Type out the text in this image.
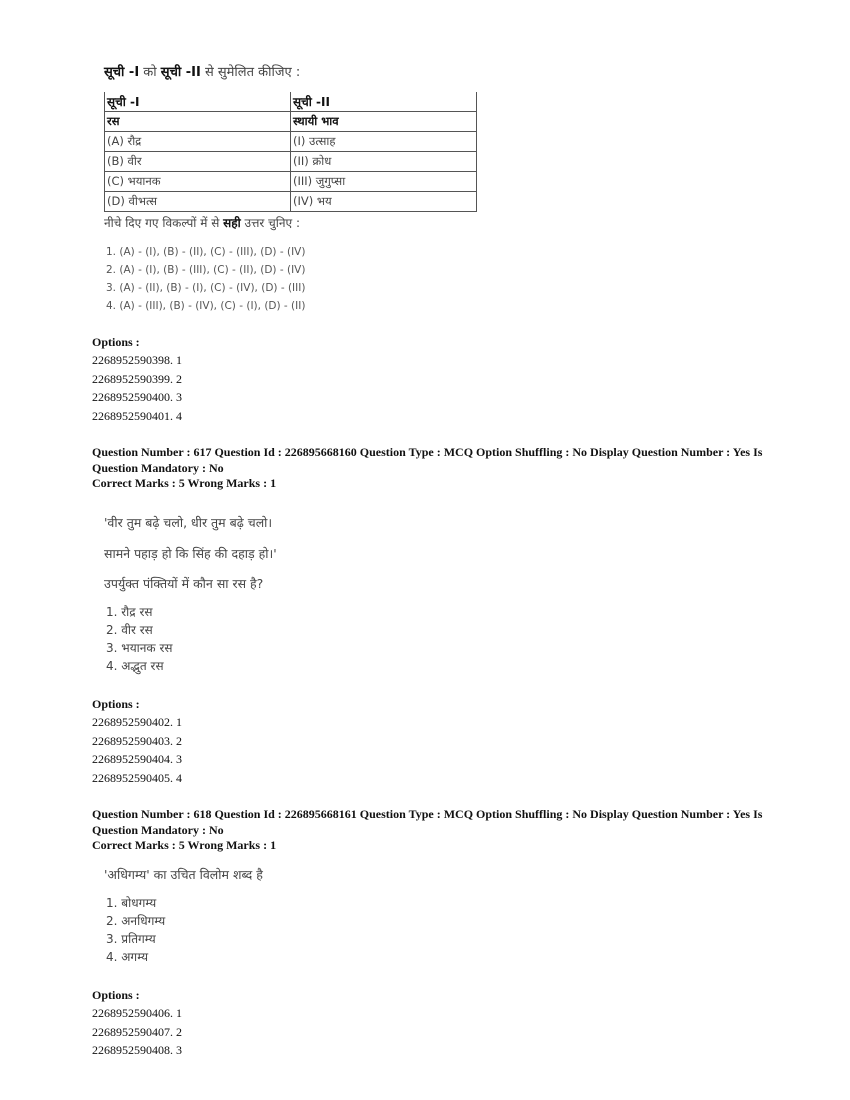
सूची -I को सूची -II से सुमेलित कीजिए :
सूची -I	सूची -II
रस	स्थायी भाव
(A) रौद्र	(I) उत्साह
(B) वीर	(II) क्रोध
(C) भयानक	(III) जुगुप्सा
(D) वीभत्स	(IV) भय
नीचे दिए गए विकल्पों में से सही उत्तर चुनिए :
1. (A) - (I), (B) - (II), (C) - (III), (D) - (IV)
2. (A) - (I), (B) - (III), (C) - (II), (D) - (IV)
3. (A) - (II), (B) - (I), (C) - (IV), (D) - (III)
4. (A) - (III), (B) - (IV), (C) - (I), (D) - (II)
Options :
2268952590398. 1
2268952590399. 2
2268952590400. 3
2268952590401. 4
Question Number : 617 Question Id : 226895668160 Question Type : MCQ Option Shuffling : No Display Question Number : Yes Is
Question Mandatory : No
Correct Marks : 5 Wrong Marks : 1
'वीर तुम बढ़े चलो, धीर तुम बढ़े चलो।
सामने पहाड़ हो कि सिंह की दहाड़ हो।'
उपर्युक्त पंक्तियों में कौन सा रस है?
1. रौद्र रस
2. वीर रस
3. भयानक रस
4. अद्भुत रस
Options :
2268952590402. 1
2268952590403. 2
2268952590404. 3
2268952590405. 4
Question Number : 618 Question Id : 226895668161 Question Type : MCQ Option Shuffling : No Display Question Number : Yes Is
Question Mandatory : No
Correct Marks : 5 Wrong Marks : 1
'अधिगम्य' का उचित विलोम शब्द है
1. बोधगम्य
2. अनधिगम्य
3. प्रतिगम्य
4. अगम्य
Options :
2268952590406. 1
2268952590407. 2
2268952590408. 3
